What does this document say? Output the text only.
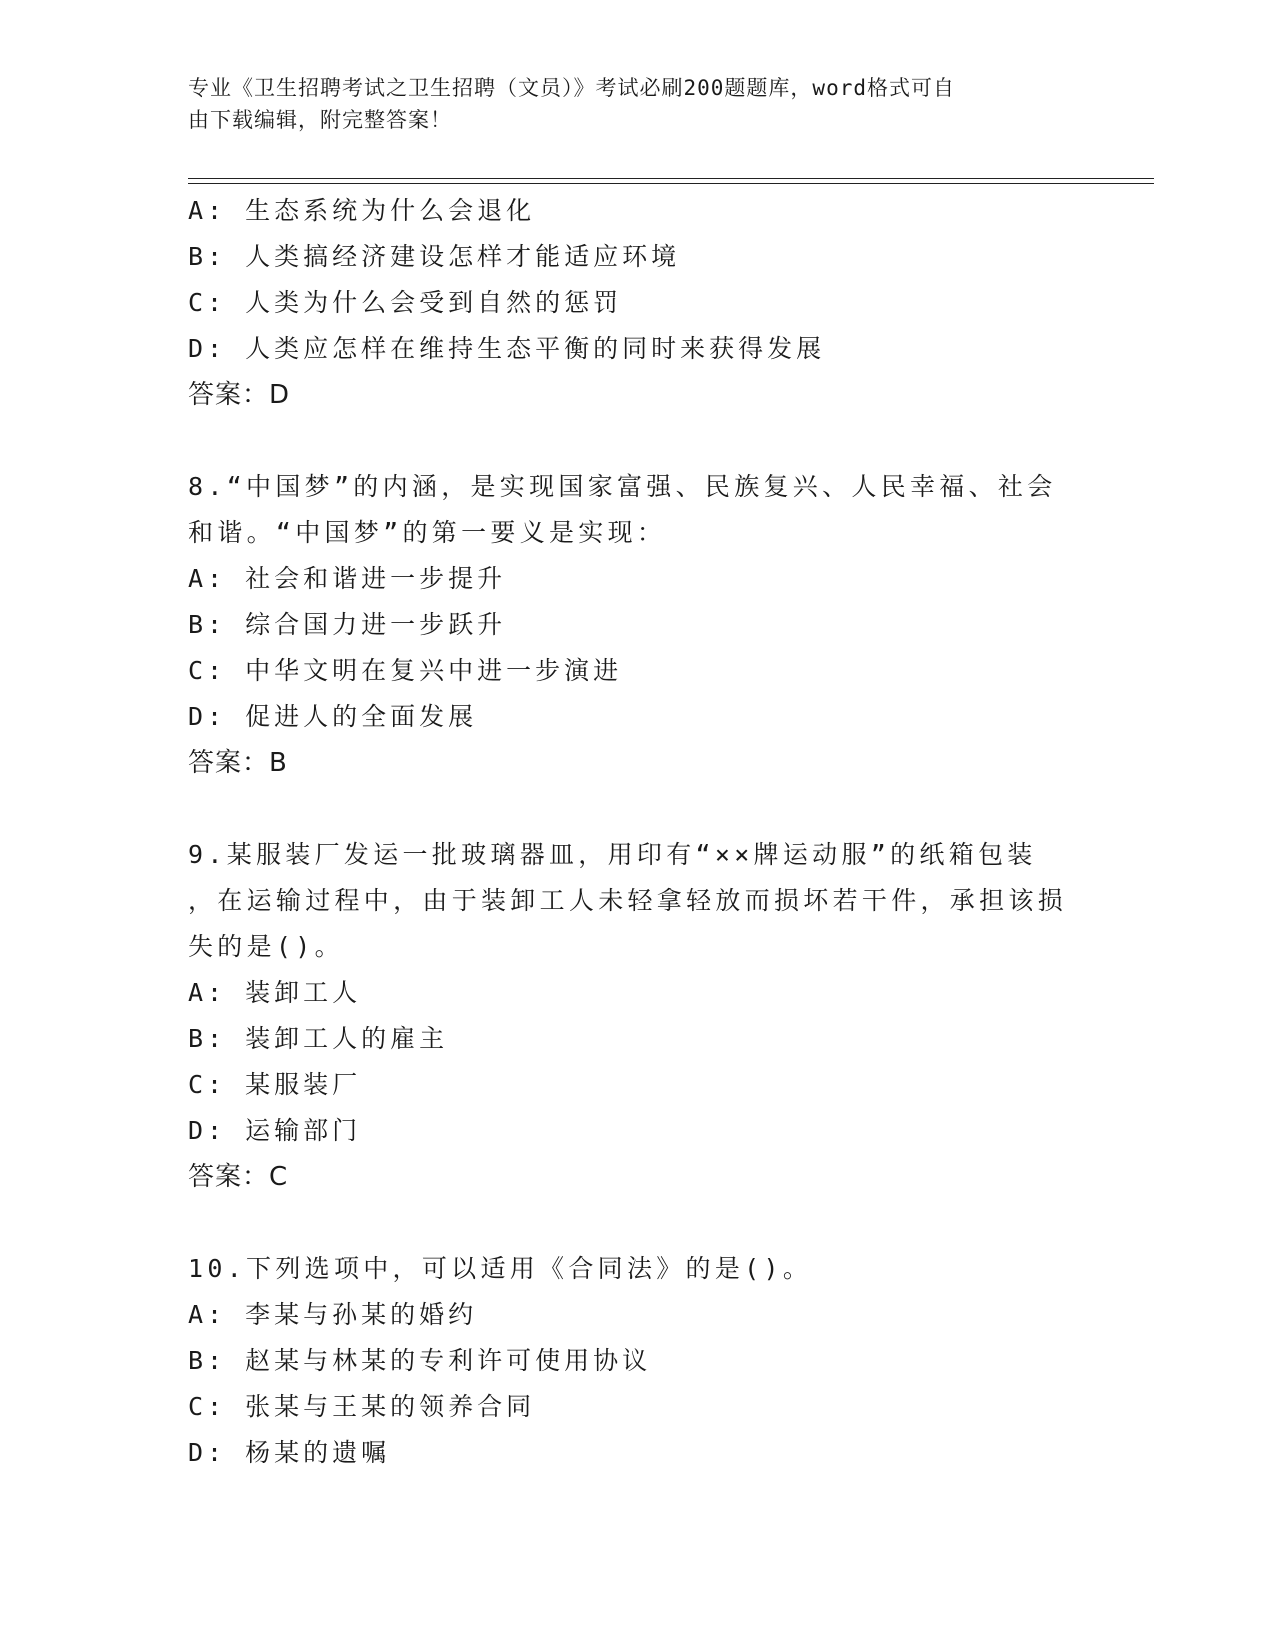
专业《卫生招聘考试之卫生招聘（文员）》考试必刷200题题库，word格式可自
由下载编辑，附完整答案！
A: 生态系统为什么会退化
B: 人类搞经济建设怎样才能适应环境
C: 人类为什么会受到自然的惩罚
D: 人类应怎样在维持生态平衡的同时来获得发展
答案：D
8.“中国梦”的内涵，是实现国家富强、民族复兴、人民幸福、社会
和谐。“中国梦”的第一要义是实现：
A: 社会和谐进一步提升
B: 综合国力进一步跃升
C: 中华文明在复兴中进一步演进
D: 促进人的全面发展
答案：B
9.某服装厂发运一批玻璃器皿，用印有“××牌运动服”的纸箱包装
，在运输过程中，由于装卸工人未轻拿轻放而损坏若干件，承担该损
失的是()。
A: 装卸工人
B: 装卸工人的雇主
C: 某服装厂
D: 运输部门
答案：C
10.下列选项中，可以适用《合同法》的是()。
A: 李某与孙某的婚约
B: 赵某与林某的专利许可使用协议
C: 张某与王某的领养合同
D: 杨某的遗嘱
